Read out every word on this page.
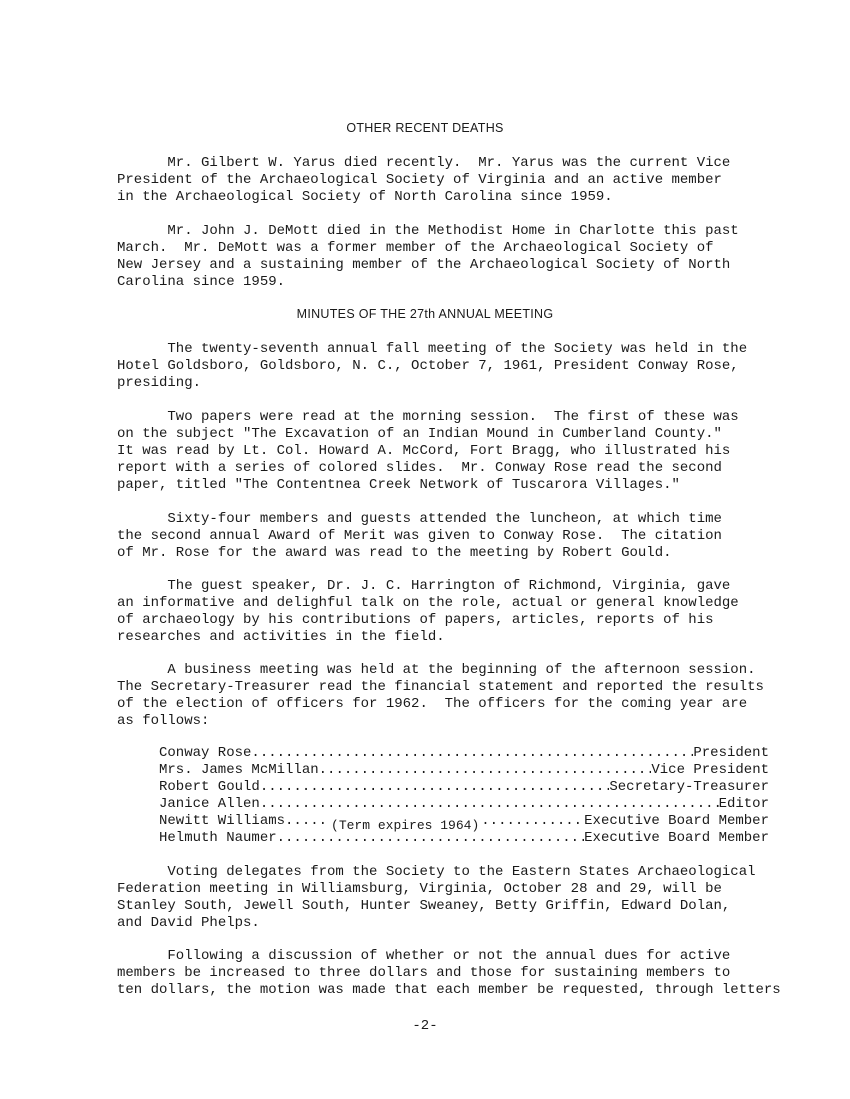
OTHER RECENT DEATHS
Mr. Gilbert W. Yarus died recently.  Mr. Yarus was the current Vice
President of the Archaeological Society of Virginia and an active member
in the Archaeological Society of North Carolina since 1959.
Mr. John J. DeMott died in the Methodist Home in Charlotte this past
March.  Mr. DeMott was a former member of the Archaeological Society of
New Jersey and a sustaining member of the Archaeological Society of North
Carolina since 1959.
MINUTES OF THE 27th ANNUAL MEETING
The twenty-seventh annual fall meeting of the Society was held in the
Hotel Goldsboro, Goldsboro, N. C., October 7, 1961, President Conway Rose,
presiding.
Two papers were read at the morning session.  The first of these was
on the subject "The Excavation of an Indian Mound in Cumberland County."
It was read by Lt. Col. Howard A. McCord, Fort Bragg, who illustrated his
report with a series of colored slides.  Mr. Conway Rose read the second
paper, titled "The Contentnea Creek Network of Tuscarora Villages."
Sixty-four members and guests attended the luncheon, at which time
the second annual Award of Merit was given to Conway Rose.  The citation
of Mr. Rose for the award was read to the meeting by Robert Gould.
The guest speaker, Dr. J. C. Harrington of Richmond, Virginia, gave
an informative and delighful talk on the role, actual or general knowledge
of archaeology by his contributions of papers, articles, reports of his
researches and activities in the field.
A business meeting was held at the beginning of the afternoon session.
The Secretary-Treasurer read the financial statement and reported the results
of the election of officers for 1962.  The officers for the coming year are
as follows:
Conway Rose .....	President
Mrs. James McMillan .....	Vice President
Robert Gould .....	Secretary-Treasurer
Janice Allen .....	Editor
Newitt Williams .....	(Term expires 1964) .....	Executive Board Member
Helmuth Naumer .....	Executive Board Member
Voting delegates from the Society to the Eastern States Archaeological
Federation meeting in Williamsburg, Virginia, October 28 and 29, will be
Stanley South, Jewell South, Hunter Sweaney, Betty Griffin, Edward Dolan,
and David Phelps.
Following a discussion of whether or not the annual dues for active
members be increased to three dollars and those for sustaining members to
ten dollars, the motion was made that each member be requested, through letters
-2-
